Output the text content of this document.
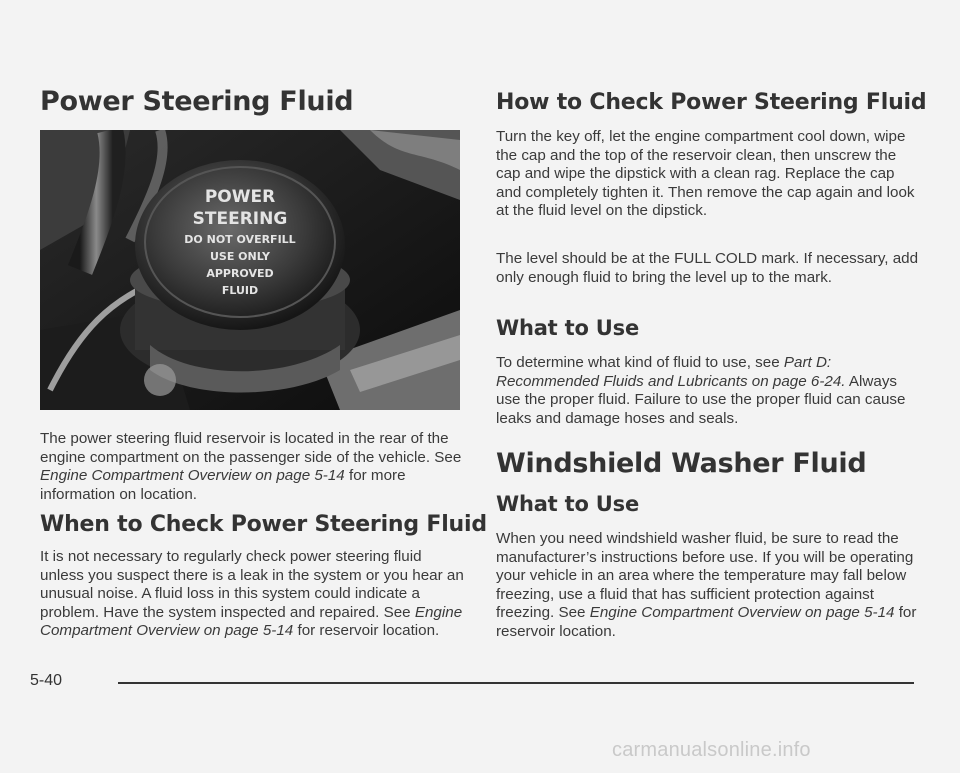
Power Steering Fluid
POWER
STEERING
DO NOT OVERFILL
USE ONLY
APPROVED
FLUID

The power steering fluid reservoir is located in the rear of the engine compartment on the passenger side of the vehicle. See Engine Compartment Overview on page 5-14 for more information on location.

When to Check Power Steering Fluid

It is not necessary to regularly check power steering fluid unless you suspect there is a leak in the system or you hear an unusual noise. A fluid loss in this system could indicate a problem. Have the system inspected and repaired. See Engine Compartment Overview on page 5-14 for reservoir location.

How to Check Power Steering Fluid

Turn the key off, let the engine compartment cool down, wipe the cap and the top of the reservoir clean, then unscrew the cap and wipe the dipstick with a clean rag. Replace the cap and completely tighten it. Then remove the cap again and look at the fluid level on the dipstick.

The level should be at the FULL COLD mark. If necessary, add only enough fluid to bring the level up to the mark.

What to Use

To determine what kind of fluid to use, see Part D: Recommended Fluids and Lubricants on page 6-24. Always use the proper fluid. Failure to use the proper fluid can cause leaks and damage hoses and seals.

Windshield Washer Fluid
What to Use

When you need windshield washer fluid, be sure to read the manufacturer’s instructions before use. If you will be operating your vehicle in an area where the temperature may fall below freezing, use a fluid that has sufficient protection against freezing. See Engine Compartment Overview on page 5-14 for reservoir location.

5-40
carmanualsonline.info
